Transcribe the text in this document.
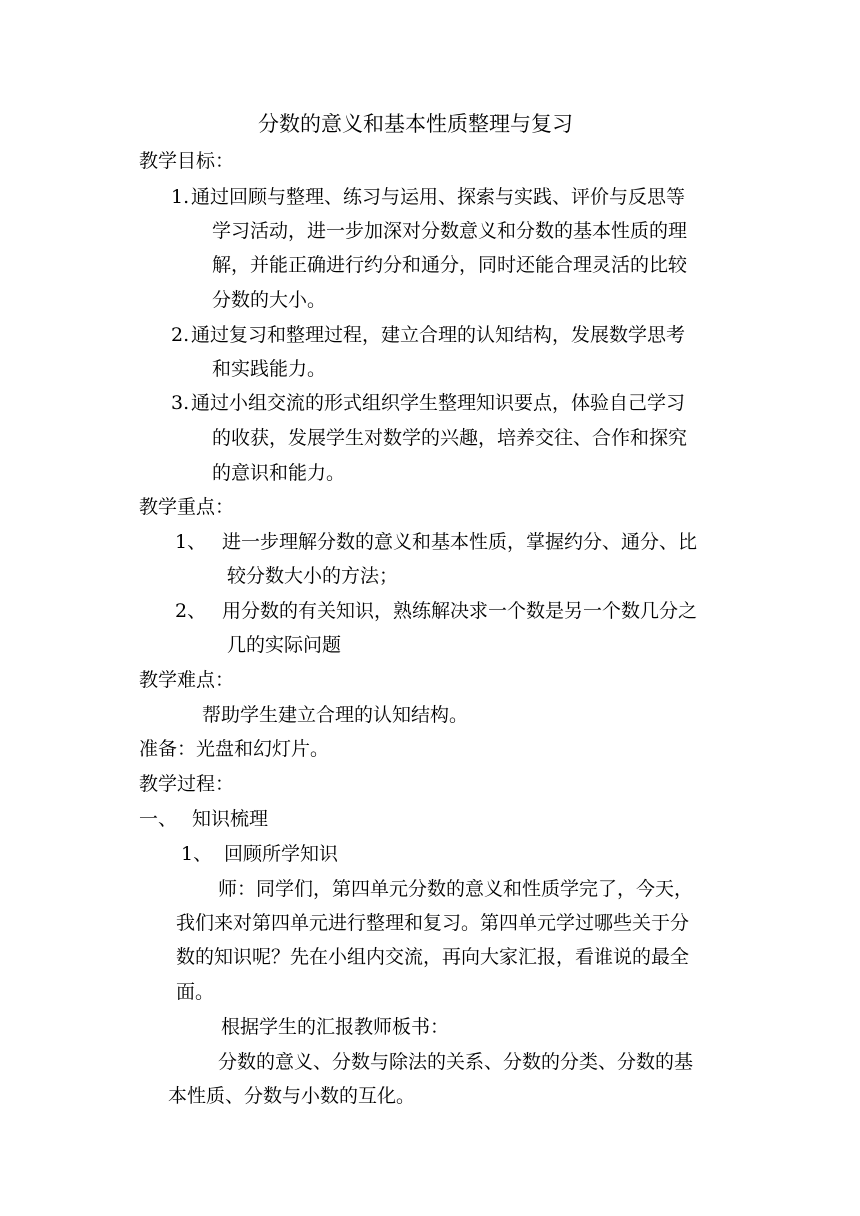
分数的意义和基本性质整理与复习
教学目标：
1. 通过回顾与整理、练习与运用、探索与实践、评价与反思等
学习活动，进一步加深对分数意义和分数的基本性质的理
解，并能正确进行约分和通分，同时还能合理灵活的比较
分数的大小。
2. 通过复习和整理过程，建立合理的认知结构，发展数学思考
和实践能力。
3. 通过小组交流的形式组织学生整理知识要点，体验自己学习
的收获，发展学生对数学的兴趣，培养交往、合作和探究
的意识和能力。
教学重点：
1、 进一步理解分数的意义和基本性质，掌握约分、通分、比
较分数大小的方法；
2、 用分数的有关知识，熟练解决求一个数是另一个数几分之
几的实际问题
教学难点：
帮助学生建立合理的认知结构。
准备：光盘和幻灯片。
教学过程：
一、 知识梳理
1、 回顾所学知识
师：同学们，第四单元分数的意义和性质学完了，今天，
我们来对第四单元进行整理和复习。第四单元学过哪些关于分
数的知识呢？先在小组内交流，再向大家汇报，看谁说的最全
面。
根据学生的汇报教师板书：
分数的意义、分数与除法的关系、分数的分类、分数的基
本性质、分数与小数的互化。
